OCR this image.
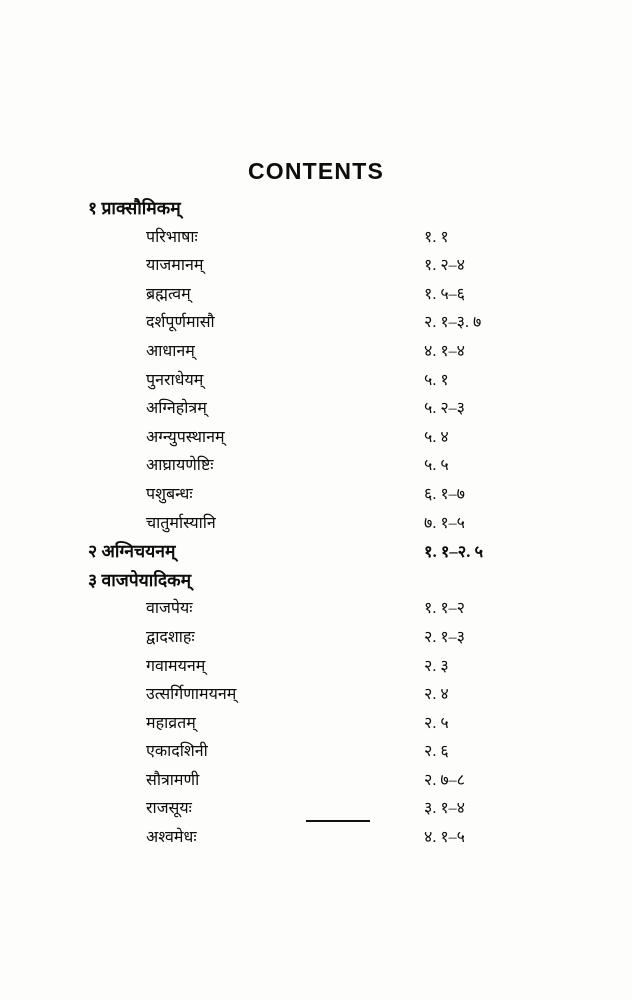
CONTENTS
१ प्राक्सौमिकम्
परिभाषाः	१. १
याजमानम्	१. २–४
ब्रह्मत्वम्	१. ५–६
दर्शपूर्णमासौ	२. १–३. ७
आधानम्	४. १–४
पुनराधेयम्	५. १
अग्निहोत्रम्	५. २–३
अग्न्युपस्थानम्	५. ४
आघ्रायणेष्टिः	५. ५
पशुबन्धः	६. १–७
चातुर्मास्यानि	७. १–५
२ अग्निचयनम्	१. १–२. ५
३ वाजपेयादिकम्
वाजपेयः	१. १–२
द्वादशाहः	२. १–३
गवामयनम्	२. ३
उत्सर्गिणामयनम्	२. ४
महाव्रतम्	२. ५
एकादशिनी	२. ६
सौत्रामणी	२. ७–८
राजसूयः	३. १–४
अश्वमेधः	४. १–५
